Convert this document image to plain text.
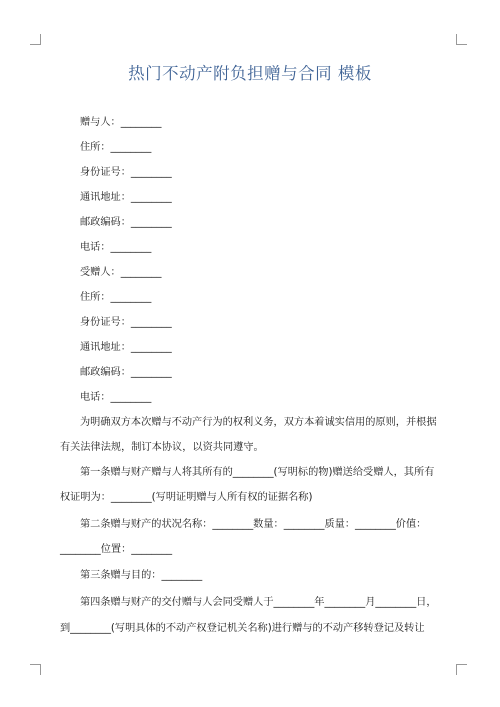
热门不动产附负担赠与合同 模板
赠与人：________
住所：________
身份证号：________
通讯地址：________
邮政编码：________
电话：________
受赠人：________
住所：________
身份证号：________
通讯地址：________
邮政编码：________
电话：________
为明确双方本次赠与不动产行为的权利义务，双方本着诚实信用的原则，并根据
有关法律法规，制订本协议，以资共同遵守。
第一条赠与财产赠与人将其所有的________(写明标的物)赠送给受赠人，其所有
权证明为：________(写明证明赠与人所有权的证据名称)
第二条赠与财产的状况名称：________数量：________质量：________价值：
________位置：________
第三条赠与目的：________
第四条赠与财产的交付赠与人会同受赠人于________年________月________日，
到________(写明具体的不动产权登记机关名称)进行赠与的不动产移转登记及转让
